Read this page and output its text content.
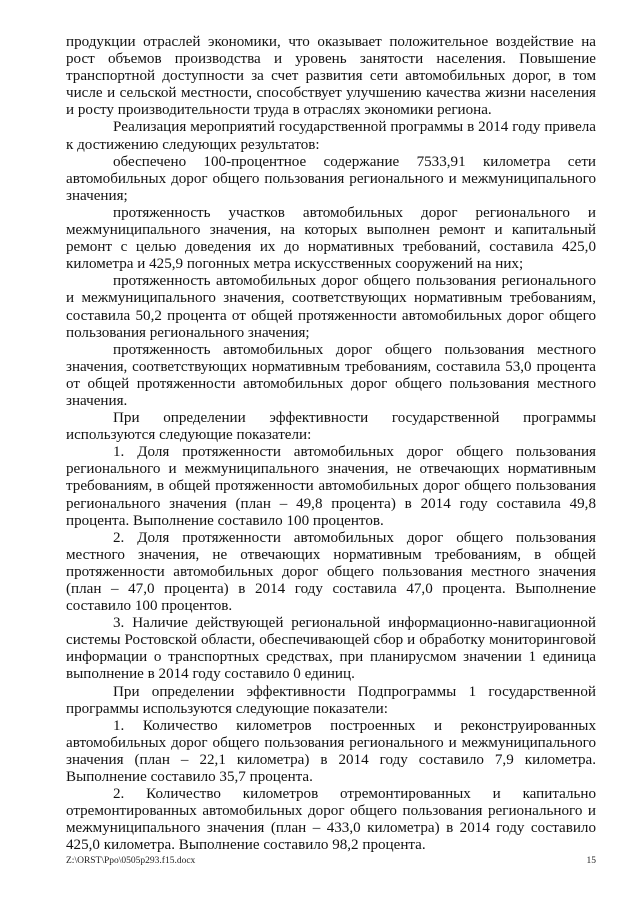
продукции отраслей экономики, что оказывает положительное воздействие на рост объемов производства и уровень занятости населения. Повышение транспортной доступности за счет развития сети автомобильных дорог, в том числе и сельской местности, способствует улучшению качества жизни населения и росту производительности труда в отраслях экономики региона.

Реализация мероприятий государственной программы в 2014 году привела к достижению следующих результатов:

обеспечено 100-процентное содержание 7533,91 километра сети автомобильных дорог общего пользования регионального и межмуниципального значения;

протяженность участков автомобильных дорог регионального и межмуниципального значения, на которых выполнен ремонт и капитальный ремонт с целью доведения их до нормативных требований, составила 425,0 километра и 425,9 погонных метра искусственных сооружений на них;

протяженность автомобильных дорог общего пользования регионального и межмуниципального значения, соответствующих нормативным требованиям, составила 50,2 процента от общей протяженности автомобильных дорог общего пользования регионального значения;

протяженность автомобильных дорог общего пользования местного значения, соответствующих нормативным требованиям, составила 53,0 процента от общей протяженности автомобильных дорог общего пользования местного значения.

При определении эффективности государственной программы используются следующие показатели:

1. Доля протяженности автомобильных дорог общего пользования регионального и межмуниципального значения, не отвечающих нормативным требованиям, в общей протяженности автомобильных дорог общего пользования регионального значения (план – 49,8 процента) в 2014 году составила 49,8 процента. Выполнение составило 100 процентов.

2. Доля протяженности автомобильных дорог общего пользования местного значения, не отвечающих нормативным требованиям, в общей протяженности автомобильных дорог общего пользования местного значения (план – 47,0 процента) в 2014 году составила 47,0 процента. Выполнение составило 100 процентов.

3. Наличие действующей региональной информационно-навигационной системы Ростовской области, обеспечивающей сбор и обработку мониторинговой информации о транспортных средствах, при планирусмом значении 1 единица выполнение в 2014 году составило 0 единиц.

При определении эффективности Подпрограммы 1 государственной программы используются следующие показатели:

1. Количество километров построенных и реконструированных автомобильных дорог общего пользования регионального и межмуниципального значения (план – 22,1 километра) в 2014 году составило 7,9 километра. Выполнение составило 35,7 процента.

2. Количество километров отремонтированных и капитально отремонтированных автомобильных дорог общего пользования регионального и межмуниципального значения (план – 433,0 километра) в 2014 году составило 425,0 километра. Выполнение составило 98,2 процента.

Z:\ORST\Ppo\0505p293.f15.docx	15
